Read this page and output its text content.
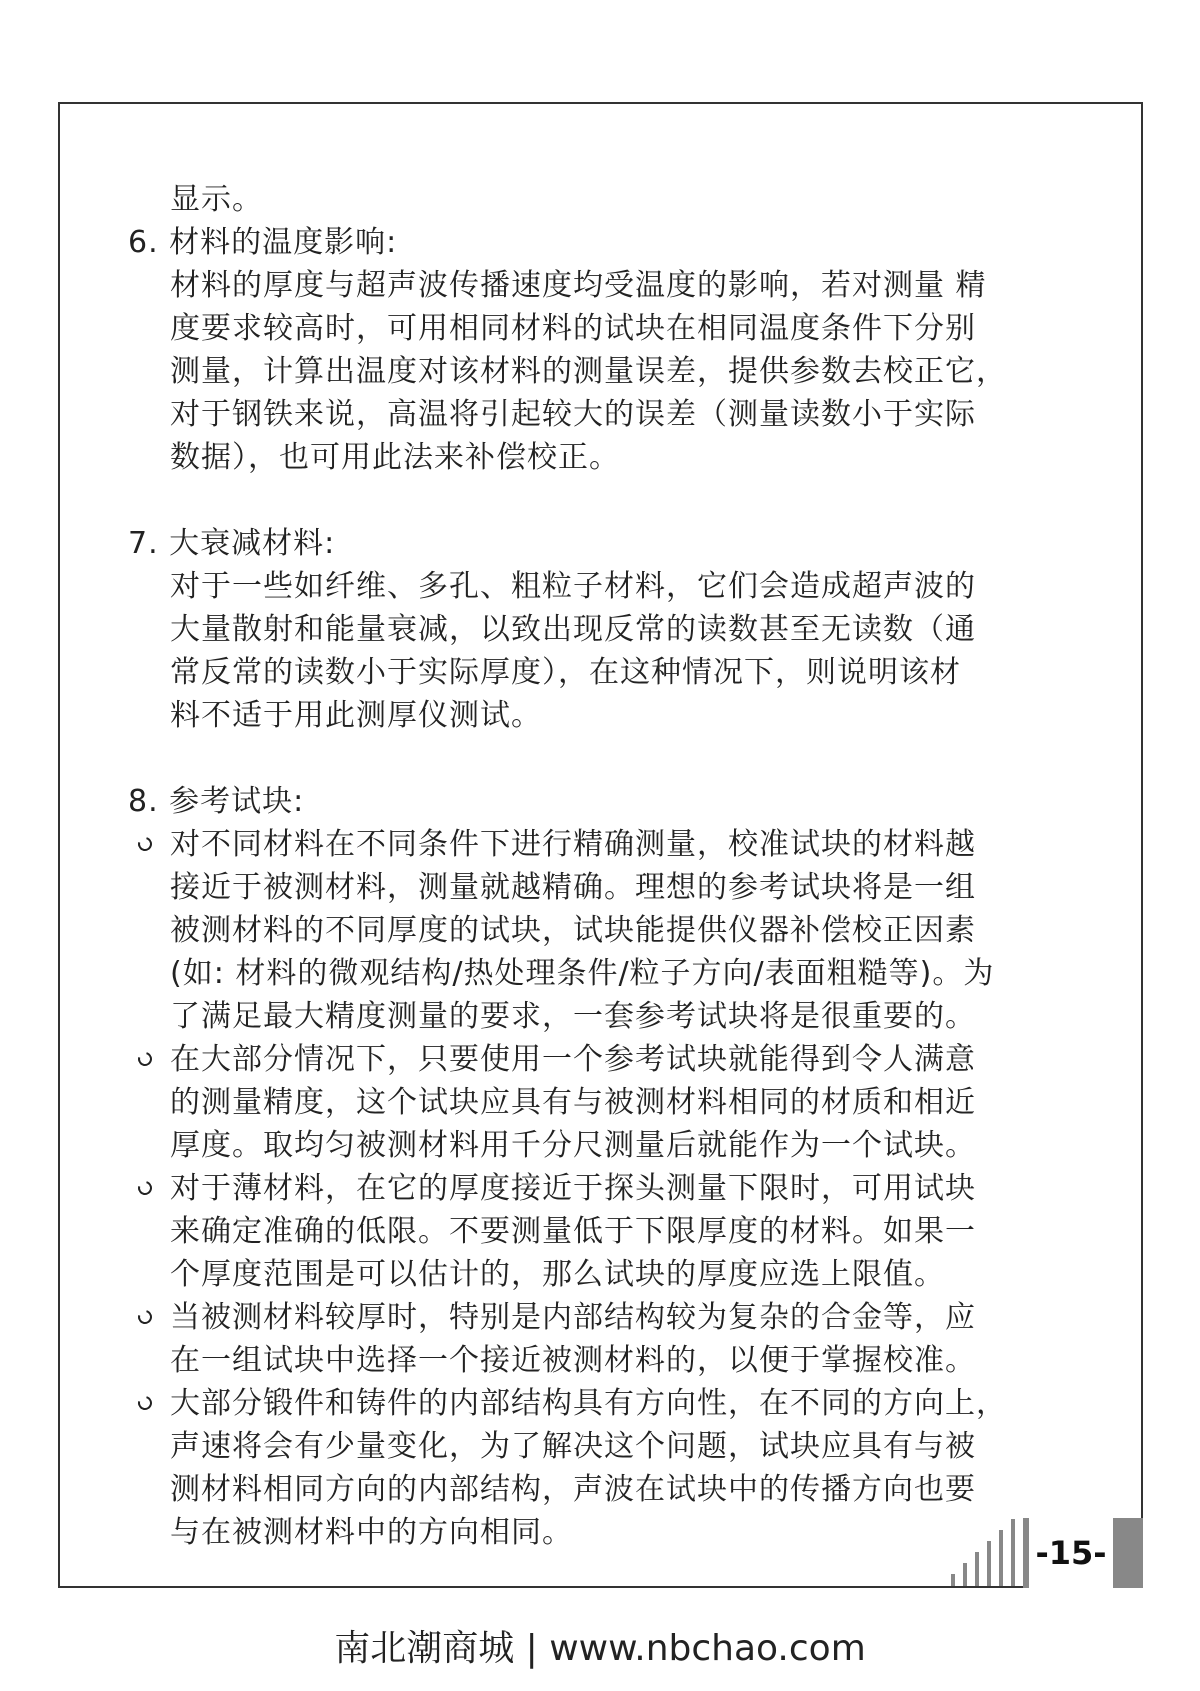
显示。
6. 材料的温度影响:
材料的厚度与超声波传播速度均受温度的影响，若对测量 精
度要求较高时，可用相同材料的试块在相同温度条件下分别
测量，计算出温度对该材料的测量误差，提供参数去校正它，
对于钢铁来说，高温将引起较大的误差（测量读数小于实际
数据），也可用此法来补偿校正。
7. 大衰减材料:
对于一些如纤维、多孔、粗粒子材料，它们会造成超声波的
大量散射和能量衰减，以致出现反常的读数甚至无读数（通
常反常的读数小于实际厚度），在这种情况下，则说明该材
料不适于用此测厚仪测试。
8. 参考试块:
对不同材料在不同条件下进行精确测量，校准试块的材料越
接近于被测材料，测量就越精确。理想的参考试块将是一组
被测材料的不同厚度的试块，试块能提供仪器补偿校正因素
(如: 材料的微观结构/热处理条件/粒子方向/表面粗糙等)。为
了满足最大精度测量的要求，一套参考试块将是很重要的。
在大部分情况下，只要使用一个参考试块就能得到令人满意
的测量精度，这个试块应具有与被测材料相同的材质和相近
厚度。取均匀被测材料用千分尺测量后就能作为一个试块。
对于薄材料，在它的厚度接近于探头测量下限时，可用试块
来确定准确的低限。不要测量低于下限厚度的材料。如果一
个厚度范围是可以估计的，那么试块的厚度应选上限值。
当被测材料较厚时，特别是内部结构较为复杂的合金等，应
在一组试块中选择一个接近被测材料的，以便于掌握校准。
大部分锻件和铸件的内部结构具有方向性，在不同的方向上，
声速将会有少量变化，为了解决这个问题，试块应具有与被
测材料相同方向的内部结构，声波在试块中的传播方向也要
与在被测材料中的方向相同。
-15-
南北潮商城 | www.nbchao.com
